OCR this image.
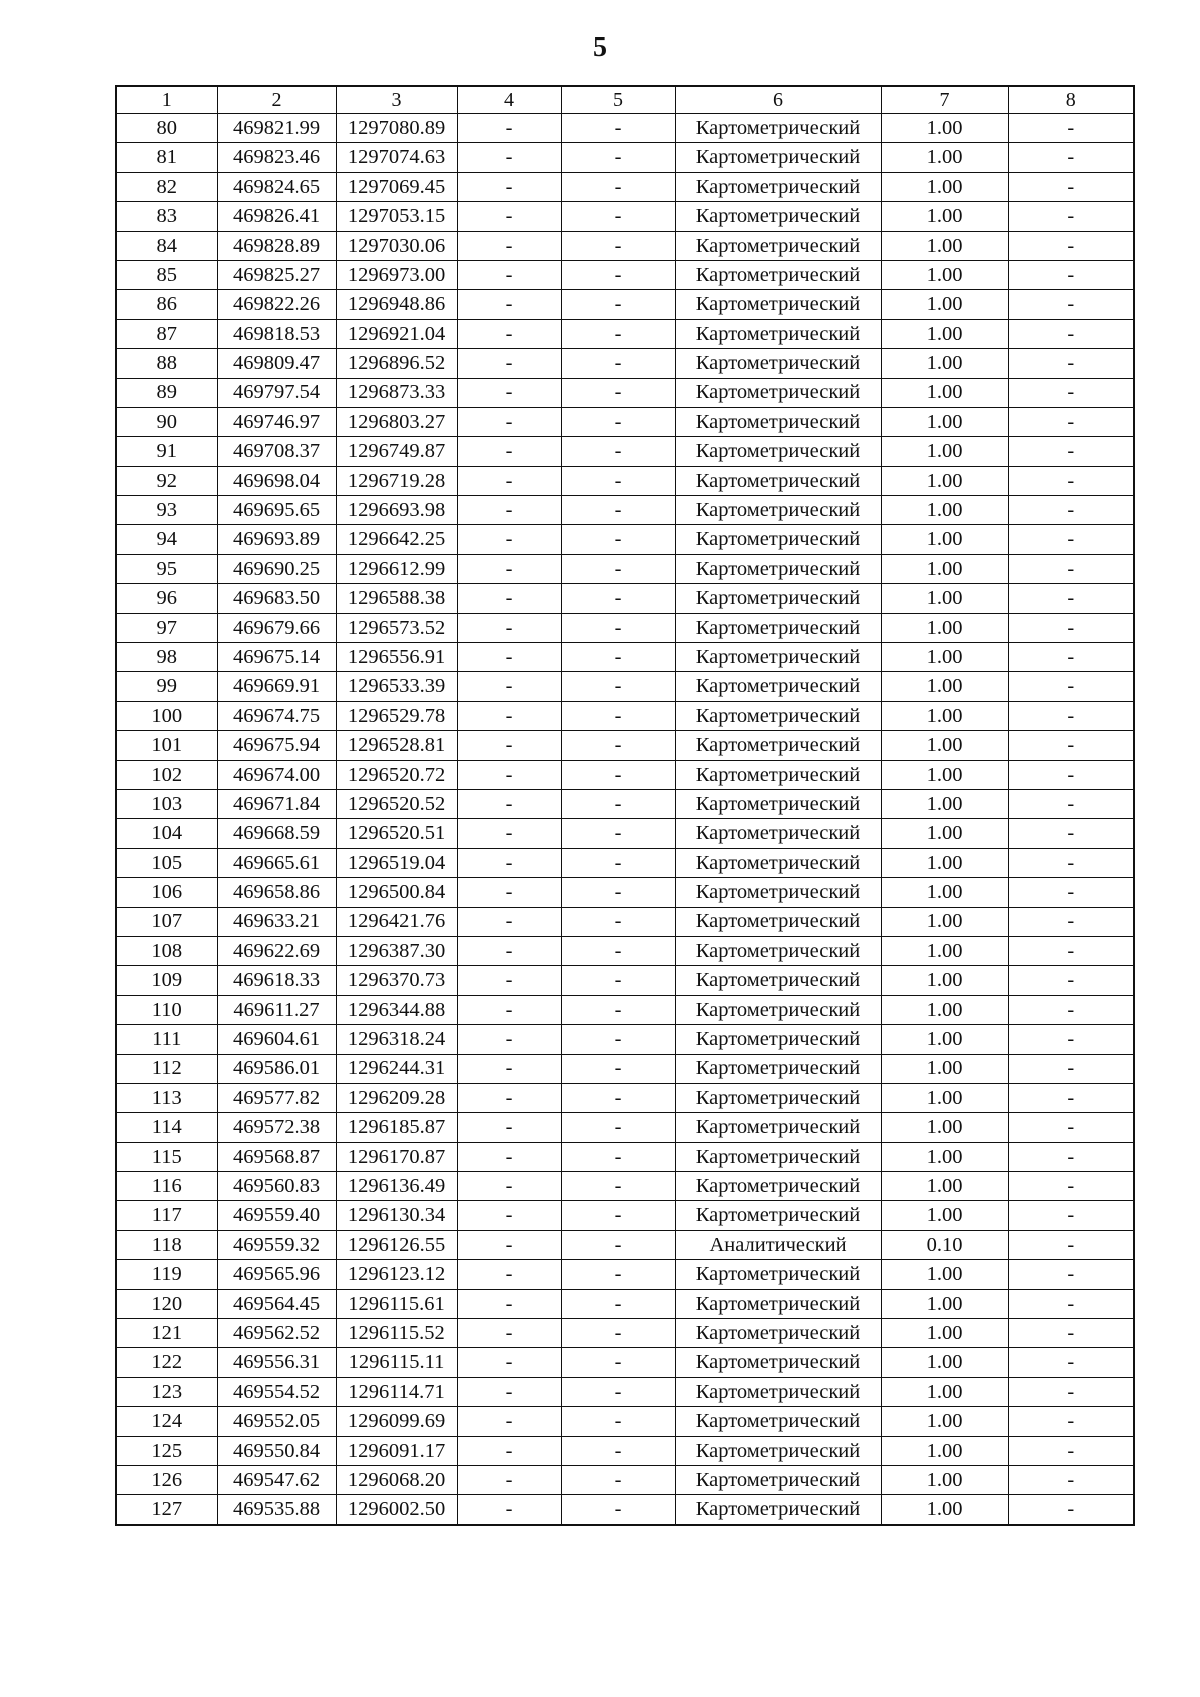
5
1	2	3	4	5	6	7	8
80	469821.99	1297080.89	-	-	Картометрический	1.00	-
81	469823.46	1297074.63	-	-	Картометрический	1.00	-
82	469824.65	1297069.45	-	-	Картометрический	1.00	-
83	469826.41	1297053.15	-	-	Картометрический	1.00	-
84	469828.89	1297030.06	-	-	Картометрический	1.00	-
85	469825.27	1296973.00	-	-	Картометрический	1.00	-
86	469822.26	1296948.86	-	-	Картометрический	1.00	-
87	469818.53	1296921.04	-	-	Картометрический	1.00	-
88	469809.47	1296896.52	-	-	Картометрический	1.00	-
89	469797.54	1296873.33	-	-	Картометрический	1.00	-
90	469746.97	1296803.27	-	-	Картометрический	1.00	-
91	469708.37	1296749.87	-	-	Картометрический	1.00	-
92	469698.04	1296719.28	-	-	Картометрический	1.00	-
93	469695.65	1296693.98	-	-	Картометрический	1.00	-
94	469693.89	1296642.25	-	-	Картометрический	1.00	-
95	469690.25	1296612.99	-	-	Картометрический	1.00	-
96	469683.50	1296588.38	-	-	Картометрический	1.00	-
97	469679.66	1296573.52	-	-	Картометрический	1.00	-
98	469675.14	1296556.91	-	-	Картометрический	1.00	-
99	469669.91	1296533.39	-	-	Картометрический	1.00	-
100	469674.75	1296529.78	-	-	Картометрический	1.00	-
101	469675.94	1296528.81	-	-	Картометрический	1.00	-
102	469674.00	1296520.72	-	-	Картометрический	1.00	-
103	469671.84	1296520.52	-	-	Картометрический	1.00	-
104	469668.59	1296520.51	-	-	Картометрический	1.00	-
105	469665.61	1296519.04	-	-	Картометрический	1.00	-
106	469658.86	1296500.84	-	-	Картометрический	1.00	-
107	469633.21	1296421.76	-	-	Картометрический	1.00	-
108	469622.69	1296387.30	-	-	Картометрический	1.00	-
109	469618.33	1296370.73	-	-	Картометрический	1.00	-
110	469611.27	1296344.88	-	-	Картометрический	1.00	-
111	469604.61	1296318.24	-	-	Картометрический	1.00	-
112	469586.01	1296244.31	-	-	Картометрический	1.00	-
113	469577.82	1296209.28	-	-	Картометрический	1.00	-
114	469572.38	1296185.87	-	-	Картометрический	1.00	-
115	469568.87	1296170.87	-	-	Картометрический	1.00	-
116	469560.83	1296136.49	-	-	Картометрический	1.00	-
117	469559.40	1296130.34	-	-	Картометрический	1.00	-
118	469559.32	1296126.55	-	-	Аналитический	0.10	-
119	469565.96	1296123.12	-	-	Картометрический	1.00	-
120	469564.45	1296115.61	-	-	Картометрический	1.00	-
121	469562.52	1296115.52	-	-	Картометрический	1.00	-
122	469556.31	1296115.11	-	-	Картометрический	1.00	-
123	469554.52	1296114.71	-	-	Картометрический	1.00	-
124	469552.05	1296099.69	-	-	Картометрический	1.00	-
125	469550.84	1296091.17	-	-	Картометрический	1.00	-
126	469547.62	1296068.20	-	-	Картометрический	1.00	-
127	469535.88	1296002.50	-	-	Картометрический	1.00	-
